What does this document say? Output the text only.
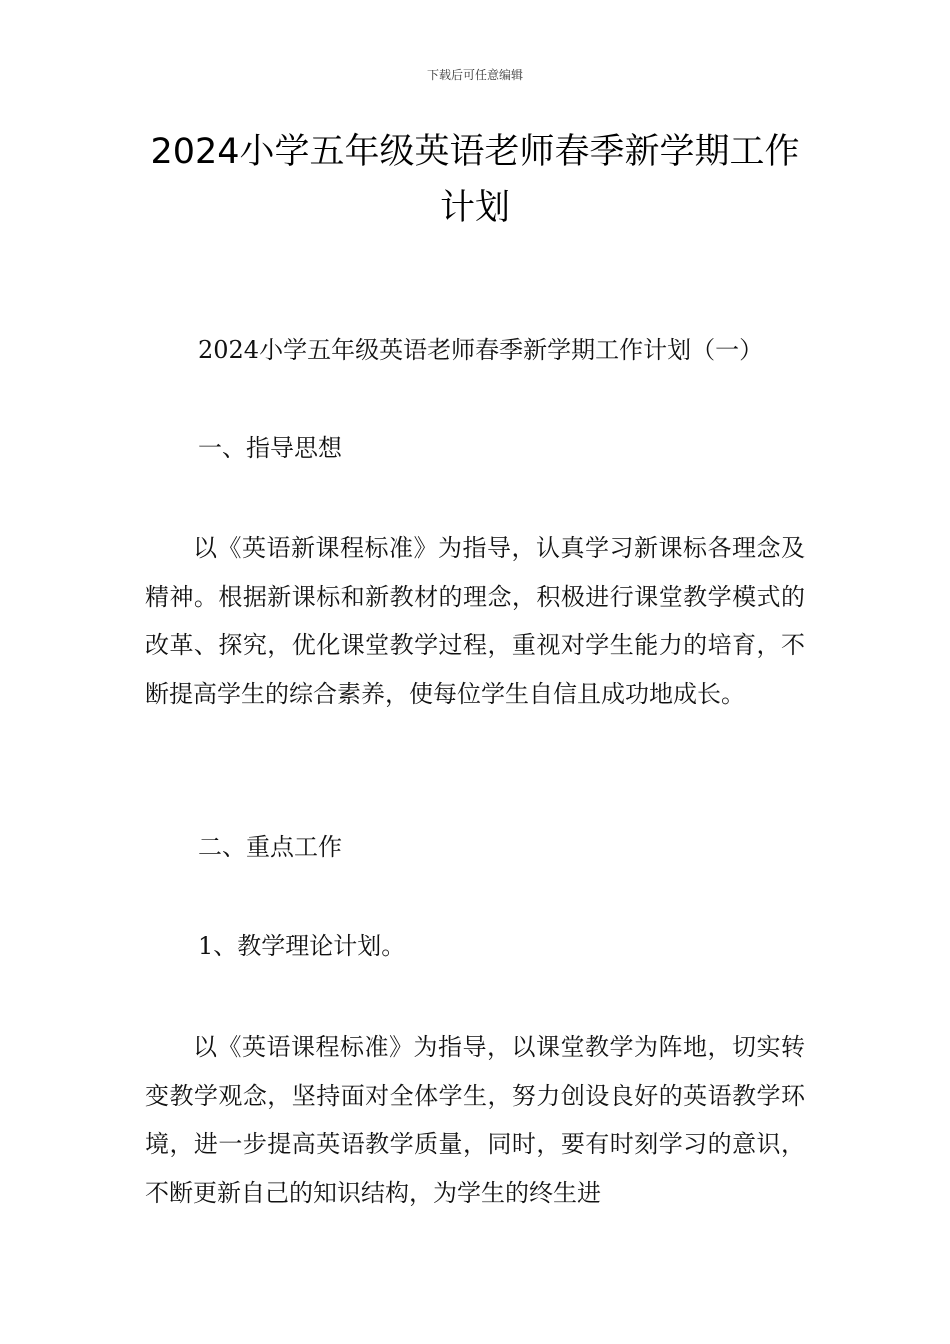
下载后可任意编辑
2024小学五年级英语老师春季新学期工作计划
2024小学五年级英语老师春季新学期工作计划（一）
一、指导思想
以《英语新课程标准》为指导，认真学习新课标各理念及精神。根据新课标和新教材的理念，积极进行课堂教学模式的改革、探究，优化课堂教学过程，重视对学生能力的培育，不断提高学生的综合素养，使每位学生自信且成功地成长。
二、重点工作
1、教学理论计划。
以《英语课程标准》为指导，以课堂教学为阵地，切实转变教学观念，坚持面对全体学生，努力创设良好的英语教学环境，进一步提高英语教学质量，同时，要有时刻学习的意识，不断更新自己的知识结构，为学生的终生进
